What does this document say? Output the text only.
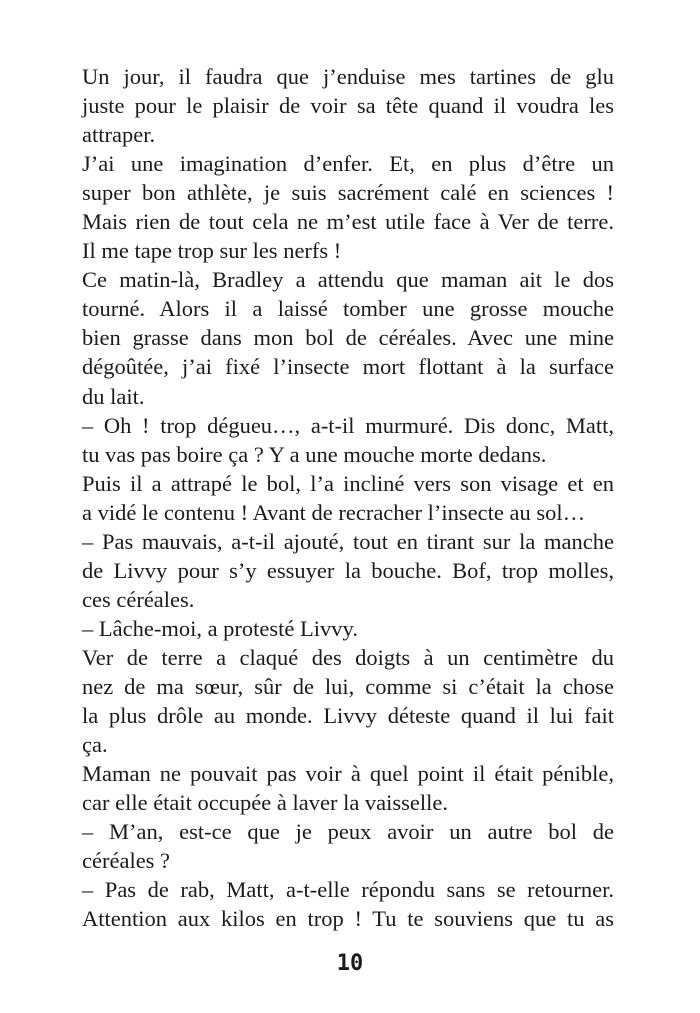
Un jour, il faudra que j’enduise mes tartines de glu
juste pour le plaisir de voir sa tête quand il voudra les
attraper.
J’ai une imagination d’enfer. Et, en plus d’être un
super bon athlète, je suis sacrément calé en sciences !
Mais rien de tout cela ne m’est utile face à Ver de terre.
Il me tape trop sur les nerfs !
Ce matin-là, Bradley a attendu que maman ait le dos
tourné. Alors il a laissé tomber une grosse mouche
bien grasse dans mon bol de céréales. Avec une mine
dégoûtée, j’ai fixé l’insecte mort flottant à la surface
du lait.
– Oh ! trop dégueu…, a-t-il murmuré. Dis donc, Matt,
tu vas pas boire ça ? Y a une mouche morte dedans.
Puis il a attrapé le bol, l’a incliné vers son visage et en
a vidé le contenu ! Avant de recracher l’insecte au sol…
– Pas mauvais, a-t-il ajouté, tout en tirant sur la manche
de Livvy pour s’y essuyer la bouche. Bof, trop molles,
ces céréales.
– Lâche-moi, a protesté Livvy.
Ver de terre a claqué des doigts à un centimètre du
nez de ma sœur, sûr de lui, comme si c’était la chose
la plus drôle au monde. Livvy déteste quand il lui fait
ça.
Maman ne pouvait pas voir à quel point il était pénible,
car elle était occupée à laver la vaisselle.
– M’an, est-ce que je peux avoir un autre bol de
céréales ?
– Pas de rab, Matt, a-t-elle répondu sans se retourner.
Attention aux kilos en trop ! Tu te souviens que tu as
10
